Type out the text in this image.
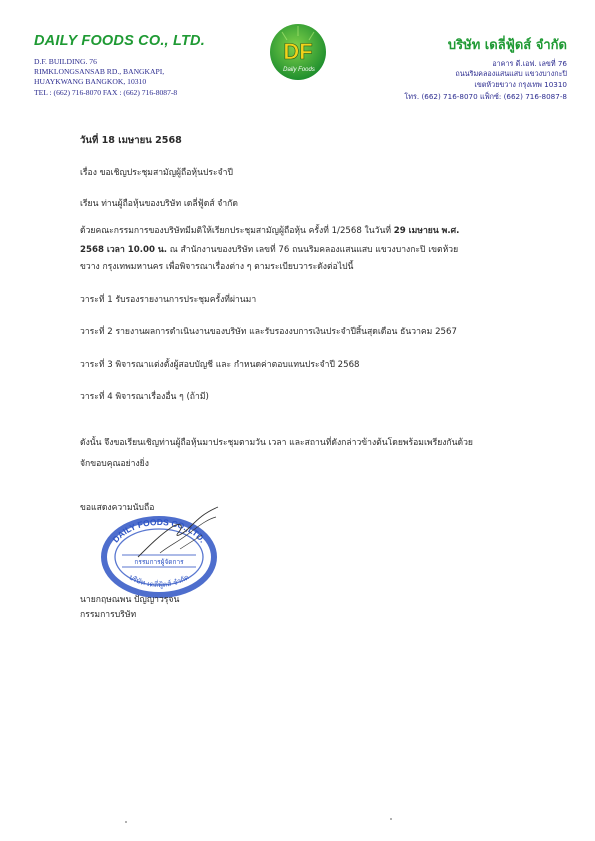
DAILY FOODS CO., LTD.
D.F. BUILDING. 76
RIMKLONGSANSAB RD., BANGKAPI,
HUAYKWANG BANGKOK, 10310
TEL : (662) 716-8070 FAX : (662) 716-8087-8
DF
Daily Foods
บริษัท เดลี่ฟู้ดส์ จำกัด
อาคาร ดี.เอฟ. เลขที่ 76
ถนนริมคลองแสนแสบ แขวงบางกะปิ
เขตห้วยขวาง กรุงเทพ 10310
โทร. (662) 716-8070 แฟ็กซ์: (662) 716-8087-8
วันที่ 18 เมษายน 2568
เรื่อง ขอเชิญประชุมสามัญผู้ถือหุ้นประจำปี
เรียน ท่านผู้ถือหุ้นของบริษัท เดลี่ฟู้ดส์ จำกัด
ด้วยคณะกรรมการของบริษัทมีมติให้เรียกประชุมสามัญผู้ถือหุ้น ครั้งที่ 1/2568 ในวันที่ 29 เมษายน พ.ศ.
2568 เวลา 10.00 น. ณ สำนักงานของบริษัท เลขที่ 76 ถนนริมคลองแสนแสบ แขวงบางกะปิ เขตห้วย
ขวาง กรุงเทพมหานคร เพื่อพิจารณาเรื่องต่าง ๆ ตามระเบียบวาระดังต่อไปนี้
วาระที่ 1 รับรองรายงานการประชุมครั้งที่ผ่านมา
วาระที่ 2 รายงานผลการดำเนินงานของบริษัท และรับรองงบการเงินประจำปีสิ้นสุดเดือน ธันวาคม 2567
วาระที่ 3 พิจารณาแต่งตั้งผู้สอบบัญชี และ กำหนดค่าตอบแทนประจำปี 2568
วาระที่ 4 พิจารณาเรื่องอื่น ๆ (ถ้ามี)
ดังนั้น จึงขอเรียนเชิญท่านผู้ถือหุ้นมาประชุมตามวัน เวลา และสถานที่ดังกล่าวข้างต้นโดยพร้อมเพรียงกันด้วย
จักขอบคุณอย่างยิ่ง
ขอแสดงความนับถือ
DAILY FOODS CO.,LTD.
กรรมการผู้จัดการ
บริษัท เดลี่ฟู้ดส์ จำกัด
นายกฤษณพน ปัญญาวรุจน
กรรมการบริษัท
